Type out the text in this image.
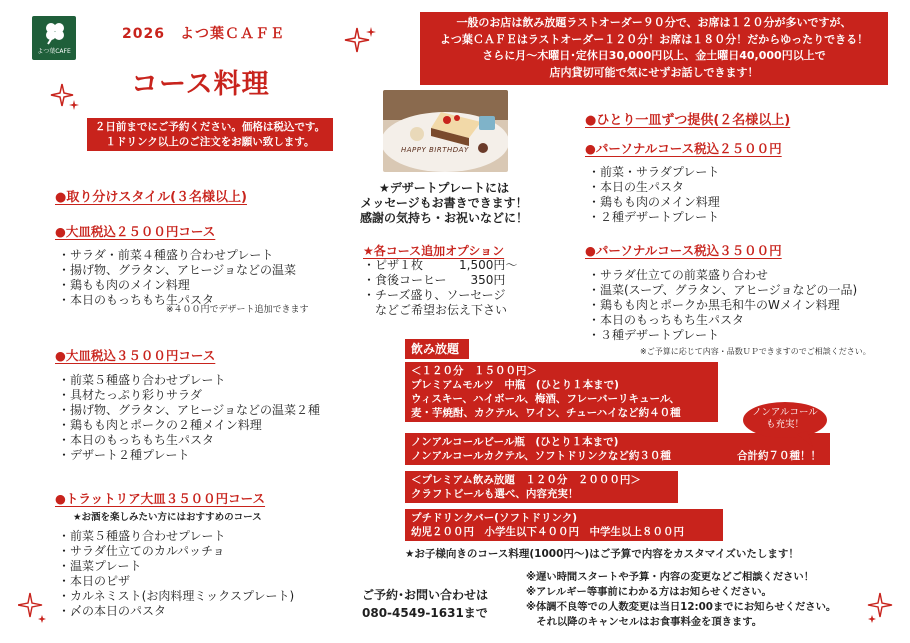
よつ葉CAFE
2026　よつ葉ＣＡＦＥ
コース料理
一般のお店は飲み放題ラストオーダー９０分で、お席は１２０分が多いですが、
よつ葉ＣＡＦＥはラストオーダー１２０分！お席は１８０分！だからゆったりできる！
さらに月〜木曜日･定休日30,000円以上、金土曜日40,000円以上で
店内貸切可能で気にせずお話しできます！
２日前までにご予約ください。価格は税込です。
１ドリンク以上のご注文をお願い致します。
HAPPY BIRTHDAY
★デザートプレートには
メッセージもお書きできます！
感謝の気持ち・お祝いなどに！
●取り分けスタイル(３名様以上)
●大皿税込２５００円コース
・サラダ・前菜４種盛り合わせプレート
・揚げ物、グラタン、アヒージョなどの温菜
・鶏もも肉のメイン料理
・本日のもっちもち生パスタ
※４００円でデザート追加できます
●大皿税込３５００円コース
・前菜５種盛り合わせプレート
・具材たっぷり彩りサラダ
・揚げ物、グラタン、アヒージョなどの温菜２種
・鶏もも肉とポークの２種メイン料理
・本日のもっちもち生パスタ
・デザート２種プレート
●トラットリア大皿３５００円コース
★お酒を楽しみたい方にはおすすめのコース
・前菜５種盛り合わせプレート
・サラダ仕立てのカルパッチョ
・温菜プレート
・本日のピザ
・カルネミスト(お肉料理ミックスプレート)
・〆の本日のパスタ
★各コース追加オプション
・ピザ１枚　　　1,500円〜
・食後コーヒー　　350円
・チーズ盛り、ソーセージ
　などご希望お伝え下さい
●ひとり一皿ずつ提供(２名様以上)
●パーソナルコース税込２５００円
・前菜・サラダプレート
・本日の生パスタ
・鶏もも肉のメイン料理
・２種デザートプレート
●パーソナルコース税込３５００円
・サラダ仕立ての前菜盛り合わせ
・温菜(スープ、グラタン、アヒージョなどの一品)
・鶏もも肉とポークか黒毛和牛のWメイン料理
・本日のもっちもち生パスタ
・３種デザートプレート
※ご予算に応じて内容・品数ＵＰできますのでご相談ください。
飲み放題
＜１２０分　１５００円＞
プレミアムモルツ　中瓶　(ひとり１本まで)
ウィスキー、ハイボール、梅酒、フレーバーリキュール、
麦・芋焼酎、カクテル、ワイン、チューハイなど約４０種
ノンアルコールビール瓶　(ひとり１本まで)
ノンアルコールカクテル、ソフトドリンクなど約３０種	合計約７０種！！
ノンアルコール
も充実！
＜プレミアム飲み放題　１２０分　２０００円＞
クラフトビールも選べ、内容充実！
プチドリンクバー(ソフトドリンク)
幼児２００円　小学生以下４００円　中学生以上８００円
★お子様向きのコース料理(1000円〜)はご予算で内容をカスタマイズいたします！
ご予約･お問い合わせは
080-4549-1631まで
※遅い時間スタートや予算・内容の変更などご相談ください！
※アレルギー等事前にわかる方はお知らせください。
※体調不良等での人数変更は当日12:00までにお知らせください。
　それ以降のキャンセルはお食事料金を頂きます。
